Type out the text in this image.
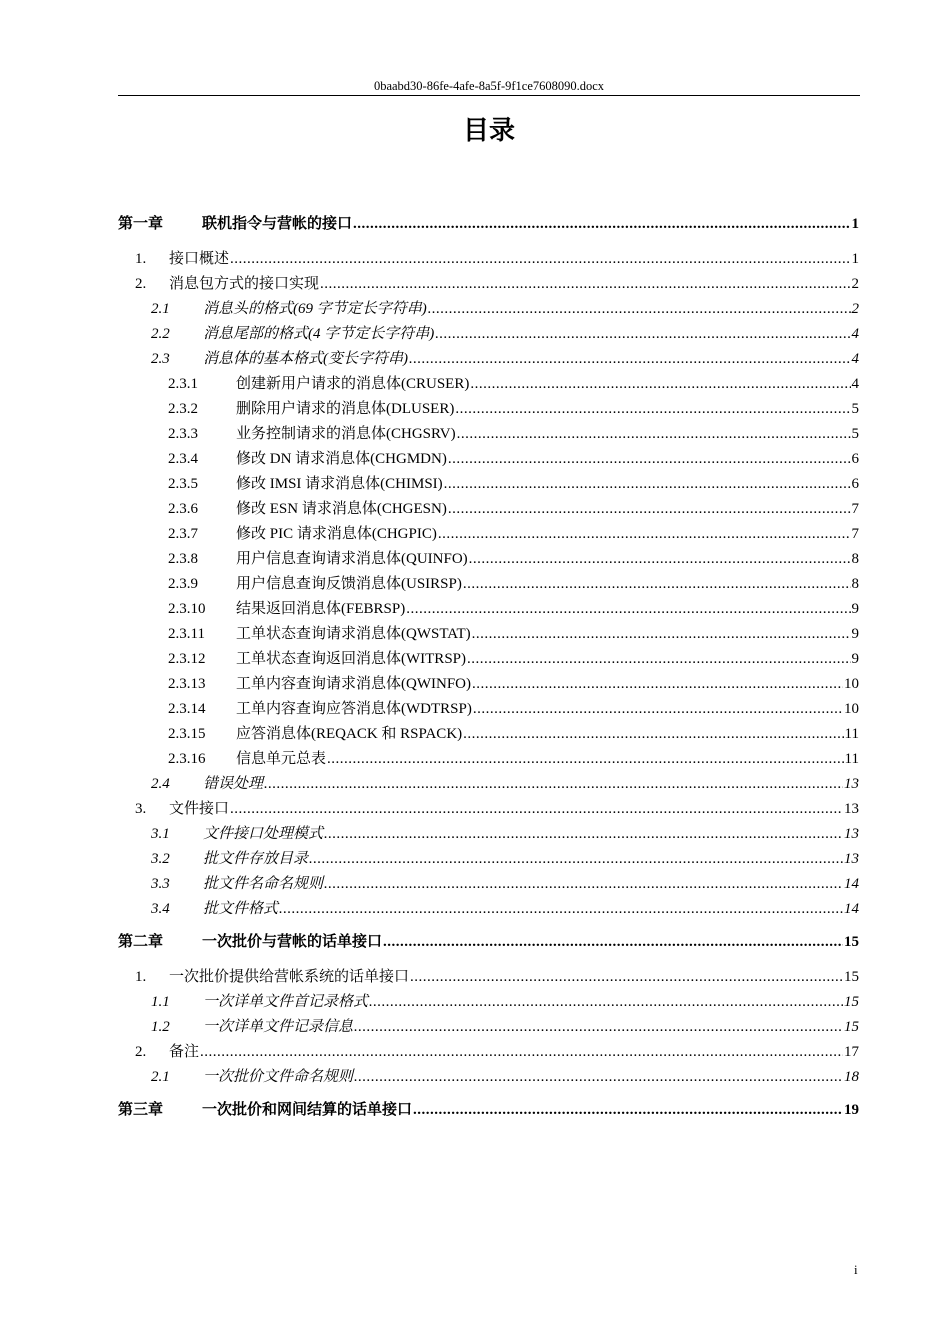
0baabd30-86fe-4afe-8a5f-9f1ce7608090.docx
目录
第一章	联机指令与营帐的接口 .....	1
1.	接口概述 .....	1
2.	消息包方式的接口实现 .....	2
2.1	消息头的格式(69 字节定长字符串) .....	2
2.2	消息尾部的格式(4 字节定长字符串) .....	4
2.3	消息体的基本格式(变长字符串) .....	4
2.3.1	创建新用户请求的消息体(CRUSER) .....	4
2.3.2	删除用户请求的消息体(DLUSER) .....	5
2.3.3	业务控制请求的消息体(CHGSRV) .....	5
2.3.4	修改 DN 请求消息体(CHGMDN) .....	6
2.3.5	修改 IMSI 请求消息体(CHIMSI) .....	6
2.3.6	修改 ESN 请求消息体(CHGESN) .....	7
2.3.7	修改 PIC 请求消息体(CHGPIC) .....	7
2.3.8	用户信息查询请求消息体(QUINFO) .....	8
2.3.9	用户信息查询反馈消息体(USIRSP) .....	8
2.3.10	结果返回消息体(FEBRSP) .....	9
2.3.11	工单状态查询请求消息体(QWSTAT) .....	9
2.3.12	工单状态查询返回消息体(WITRSP) .....	9
2.3.13	工单内容查询请求消息体(QWINFO) .....	10
2.3.14	工单内容查询应答消息体(WDTRSP) .....	10
2.3.15	应答消息体(REQACK 和 RSPACK) .....	11
2.3.16	信息单元总表 .....	11
2.4	错误处理 .....	13
3.	文件接口 .....	13
3.1	文件接口处理模式 .....	13
3.2	批文件存放目录 .....	13
3.3	批文件名命名规则 .....	14
3.4	批文件格式 .....	14
第二章	一次批价与营帐的话单接口 .....	15
1.	一次批价提供给营帐系统的话单接口 .....	15
1.1	一次详单文件首记录格式 .....	15
1.2	一次详单文件记录信息 .....	15
2.	备注 .....	17
2.1	一次批价文件命名规则 .....	18
第三章	一次批价和网间结算的话单接口 .....	19
i
